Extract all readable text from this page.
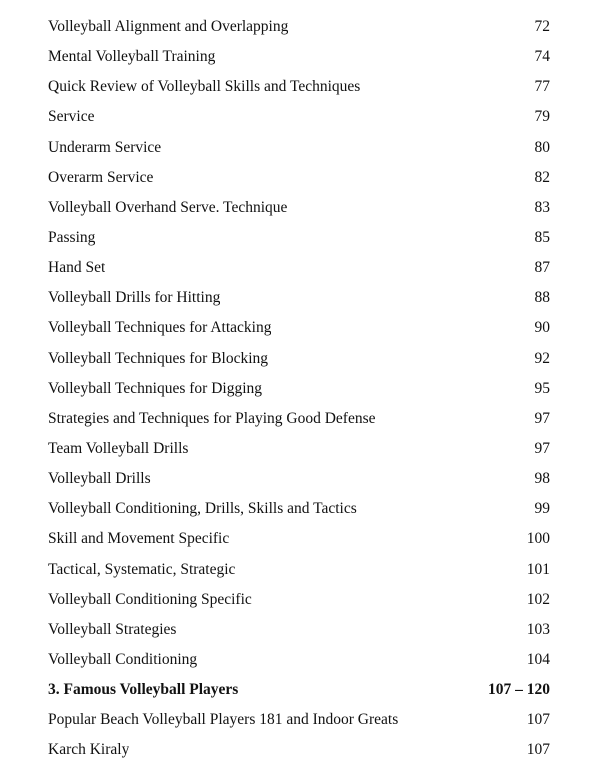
Volleyball Alignment and Overlapping	72
Mental Volleyball Training	74
Quick Review of Volleyball Skills and Techniques	77
Service	79
Underarm Service	80
Overarm Service	82
Volleyball Overhand Serve. Technique	83
Passing	85
Hand Set	87
Volleyball Drills for Hitting	88
Volleyball Techniques for Attacking	90
Volleyball Techniques for Blocking	92
Volleyball Techniques for Digging	95
Strategies and Techniques for Playing Good Defense	97
Team Volleyball Drills	97
Volleyball Drills	98
Volleyball Conditioning, Drills, Skills and Tactics	99
Skill and Movement Specific	100
Tactical, Systematic, Strategic	101
Volleyball Conditioning Specific	102
Volleyball Strategies	103
Volleyball Conditioning	104
3. Famous Volleyball Players	107 – 120
Popular Beach Volleyball Players 181 and Indoor Greats	107
Karch Kiraly	107
